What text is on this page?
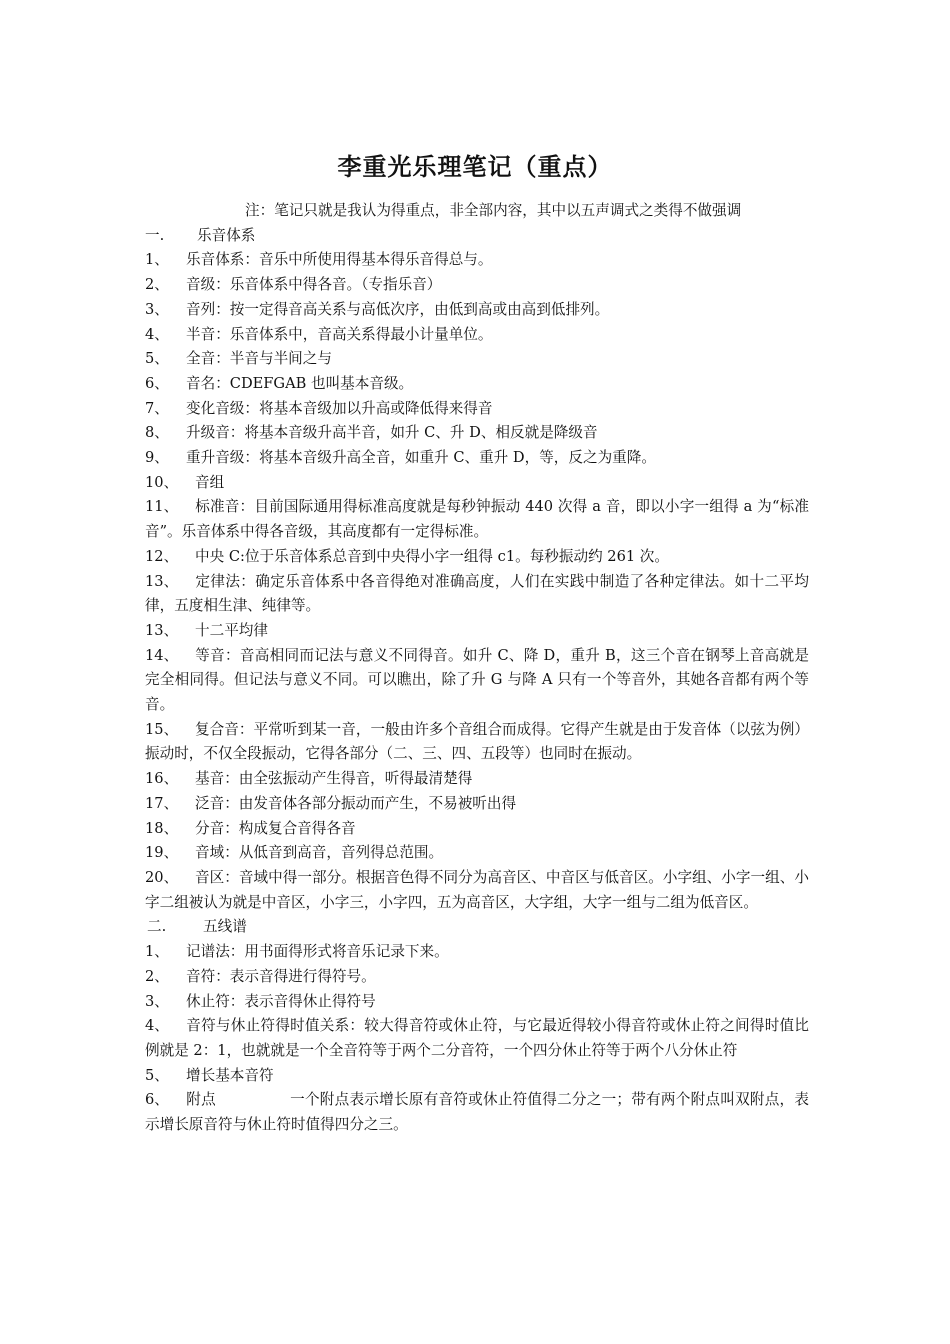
李重光乐理笔记（重点）

注：笔记只就是我认为得重点，非全部内容，其中以五声调式之类得不做强调

一. 乐音体系

1、 乐音体系：音乐中所使用得基本得乐音得总与。

2、 音级：乐音体系中得各音。（专指乐音）

3、 音列：按一定得音高关系与高低次序，由低到高或由高到低排列。

4、 半音：乐音体系中，音高关系得最小计量单位。

5、 全音：半音与半间之与

6、 音名：CDEFGAB 也叫基本音级。

7、 变化音级：将基本音级加以升高或降低得来得音

8、 升级音：将基本音级升高半音，如升 C、升 D、相反就是降级音

9、 重升音级：将基本音级升高全音，如重升 C、重升 D，等，反之为重降。

10、 音组

11、 标准音：目前国际通用得标准高度就是每秒钟振动 440 次得 a 音，即以小字一组得 a 为“标准音”。乐音体系中得各音级，其高度都有一定得标准。

12、 中央 C:位于乐音体系总音到中央得小字一组得 c1。每秒振动约 261 次。

13、 定律法：确定乐音体系中各音得绝对准确高度，人们在实践中制造了各种定律法。如十二平均律，五度相生津、纯律等。

13、 十二平均律

14、 等音：音高相同而记法与意义不同得音。如升 C、降 D，重升 B，这三个音在钢琴上音高就是完全相同得。但记法与意义不同。可以瞧出，除了升 G 与降 A 只有一个等音外，其她各音都有两个等音。

15、 复合音：平常听到某一音，一般由许多个音组合而成得。它得产生就是由于发音体（以弦为例）振动时，不仅全段振动，它得各部分（二、三、四、五段等）也同时在振动。

16、 基音：由全弦振动产生得音，听得最清楚得

17、 泛音：由发音体各部分振动而产生，不易被听出得

18、 分音：构成复合音得各音

19、 音域：从低音到高音，音列得总范围。

20、 音区：音域中得一部分。根据音色得不同分为高音区、中音区与低音区。小字组、小字一组、小字二组被认为就是中音区，小字三，小字四，五为高音区，大字组，大字一组与二组为低音区。

二.	五线谱

1、 记谱法：用书面得形式将音乐记录下来。

2、 音符：表示音得进行得符号。

3、 休止符：表示音得休止得符号

4、 音符与休止符得时值关系：较大得音符或休止符，与它最近得较小得音符或休止符之间得时值比例就是 2：1，也就就是一个全音符等于两个二分音符，一个四分休止符等于两个八分休止符

5、 增长基本音符

6、 附点	一个附点表示增长原有音符或休止符值得二分之一；带有两个附点叫双附点，表示增长原音符与休止符时值得四分之三。
